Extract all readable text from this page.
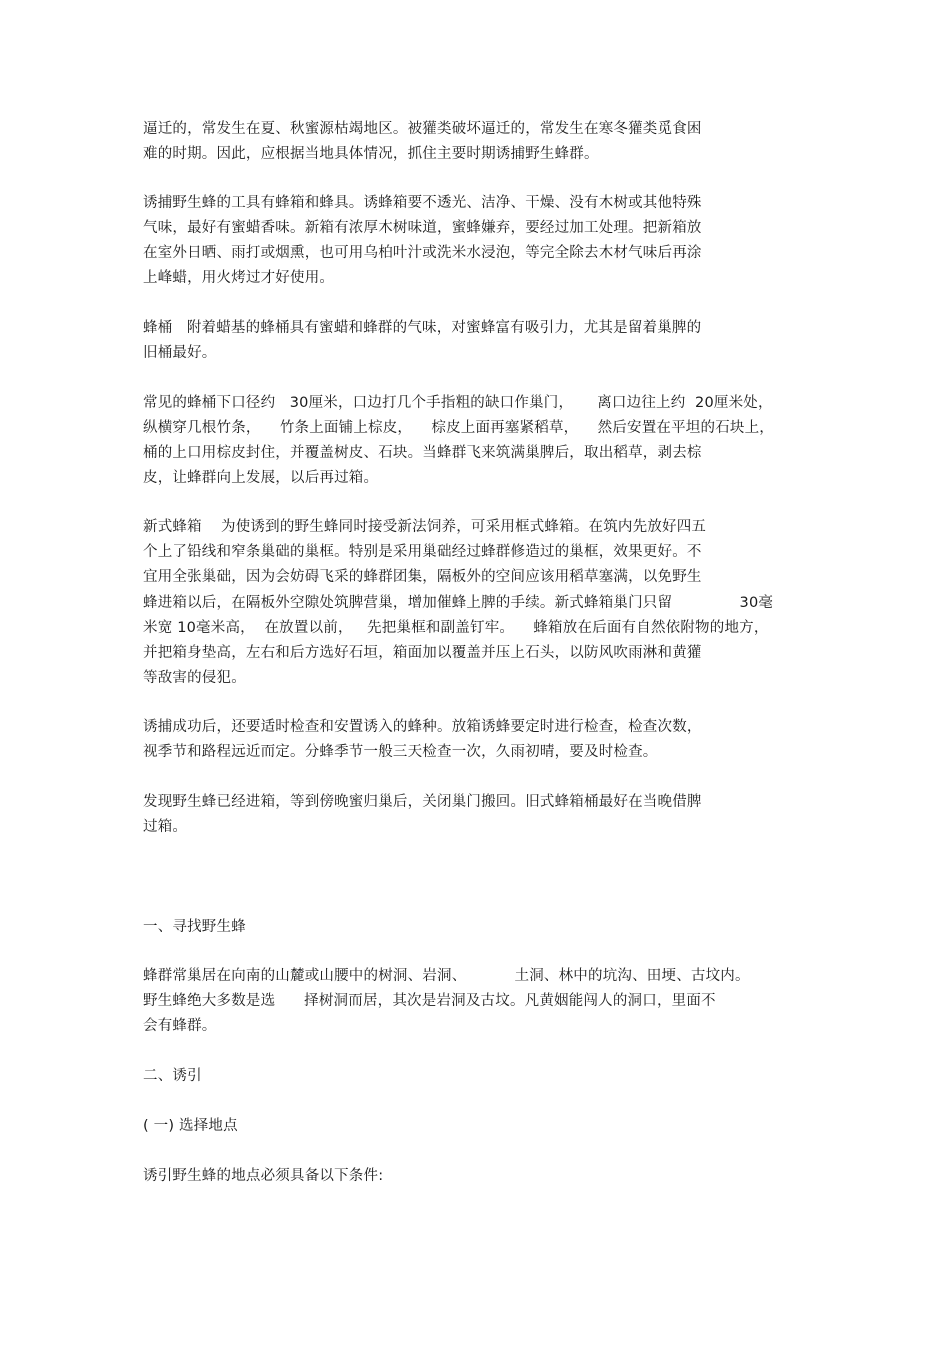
逼迁的，常发生在夏、秋蜜源枯竭地区。被獾类破坏逼迁的，常发生在寒冬獾类觅食困
难的时期。因此，应根据当地具体情况，抓住主要时期诱捕野生蜂群。
诱捕野生蜂的工具有蜂箱和蜂具。诱蜂箱要不透光、洁净、干燥、没有木树或其他特殊
气味，最好有蜜蜡香味。新箱有浓厚木树味道，蜜蜂嫌弃，要经过加工处理。把新箱放
在室外日晒、雨打或烟熏，也可用乌柏叶汁或洗米水浸泡，等完全除去木材气味后再涂
上峰蜡，用火烤过才好使用。
蜂桶   附着蜡基的蜂桶具有蜜蜡和蜂群的气味，对蜜蜂富有吸引力，尤其是留着巢脾的
旧桶最好。
常见的蜂桶下口径约   30厘米，口边打几个手指粗的缺口作巢门，     离口边往上约  20厘米处，
纵横穿几根竹条，    竹条上面铺上棕皮，    棕皮上面再塞紧稻草，    然后安置在平坦的石块上，
桶的上口用棕皮封住，并覆盖树皮、石块。当蜂群飞来筑满巢脾后，取出稻草，剥去棕
皮，让蜂群向上发展，以后再过箱。
新式蜂箱    为使诱到的野生蜂同时接受新法饲养，可采用框式蜂箱。在筑内先放好四五
个上了铅线和窄条巢础的巢框。特别是采用巢础经过蜂群修造过的巢框，效果更好。不
宜用全张巢础，因为会妨碍飞采的蜂群团集，隔板外的空间应该用稻草塞满，以免野生
蜂进箱以后，在隔板外空隙处筑脾营巢，增加催蜂上脾的手续。新式蜂箱巢门只留              30毫
米宽 10毫米高，  在放置以前，   先把巢框和副盖钉牢。    蜂箱放在后面有自然依附物的地方，
并把箱身垫高，左右和后方选好石垣，箱面加以覆盖并压上石头，以防风吹雨淋和黄獾
等敌害的侵犯。
诱捕成功后，还要适时检查和安置诱入的蜂种。放箱诱蜂要定时进行检查，检查次数，
视季节和路程远近而定。分蜂季节一般三天检查一次，久雨初晴，要及时检查。
发现野生蜂已经进箱，等到傍晚蜜归巢后，关闭巢门搬回。旧式蜂箱桶最好在当晚借脾
过箱。
一、寻找野生蜂
蜂群常巢居在向南的山麓或山腰中的树洞、岩洞、          土洞、林中的坑沟、田埂、古坟内。
野生蜂绝大多数是选      择树洞而居，其次是岩洞及古坟。凡黄姻能闯人的洞口，里面不
会有蜂群。
二、诱引
( 一) 选择地点
诱引野生蜂的地点必须具备以下条件:
